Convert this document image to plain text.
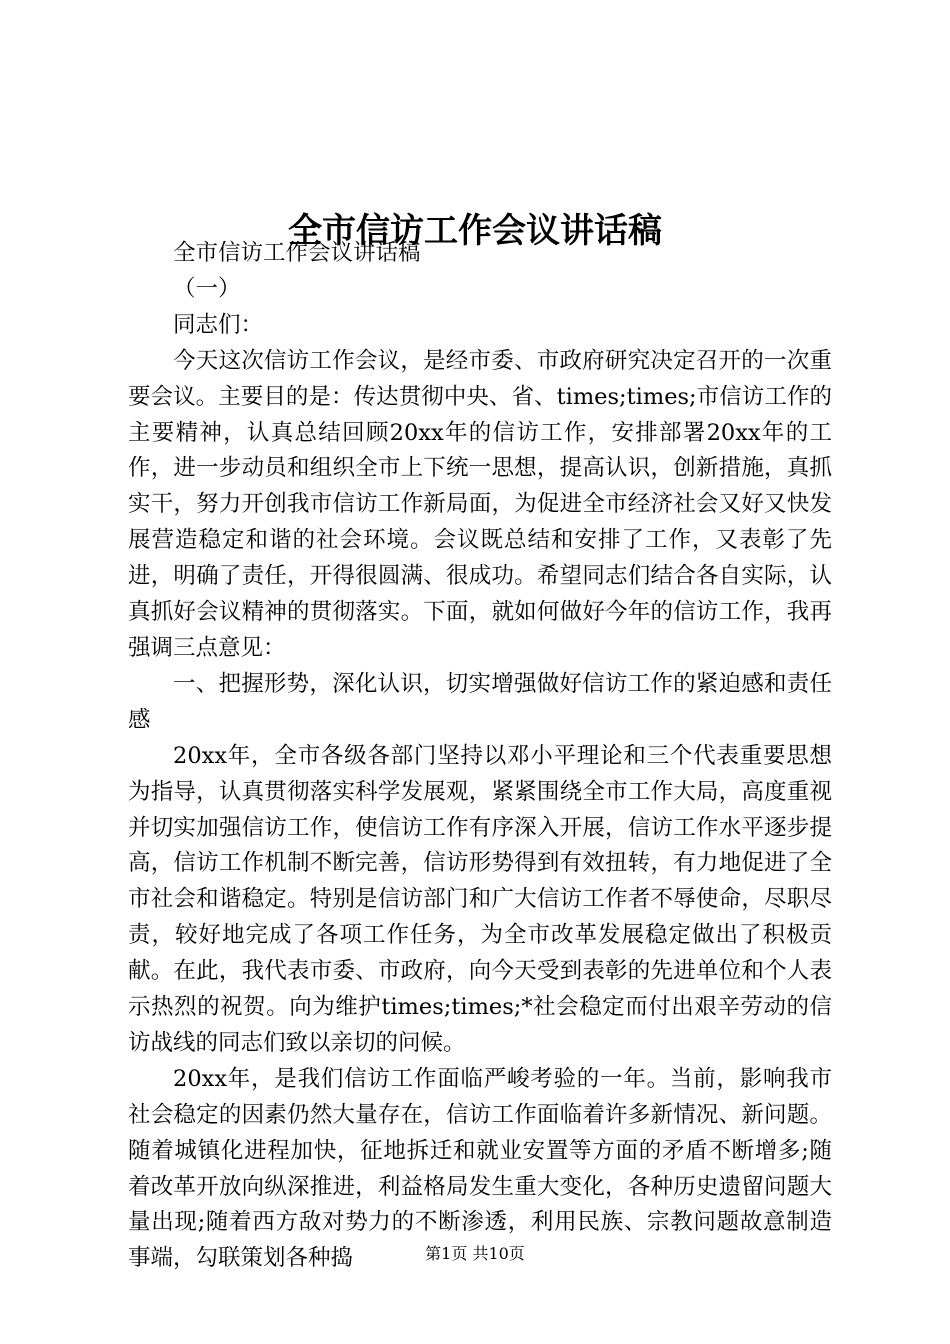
全市信访工作会议讲话稿

全市信访工作会议讲话稿

（一）

同志们：

今天这次信访工作会议，是经市委、市政府研究决定召开的一次重要会议。主要目的是：传达贯彻中央、省、times;times;市信访工作的主要精神，认真总结回顾20xx年的信访工作，安排部署20xx年的工作，进一步动员和组织全市上下统一思想，提高认识，创新措施，真抓实干，努力开创我市信访工作新局面，为促进全市经济社会又好又快发展营造稳定和谐的社会环境。会议既总结和安排了工作，又表彰了先进，明确了责任，开得很圆满、很成功。希望同志们结合各自实际，认真抓好会议精神的贯彻落实。下面，就如何做好今年的信访工作，我再强调三点意见：

一、把握形势，深化认识，切实增强做好信访工作的紧迫感和责任感

20xx年，全市各级各部门坚持以邓小平理论和三个代表重要思想为指导，认真贯彻落实科学发展观，紧紧围绕全市工作大局，高度重视并切实加强信访工作，使信访工作有序深入开展，信访工作水平逐步提高，信访工作机制不断完善，信访形势得到有效扭转，有力地促进了全市社会和谐稳定。特别是信访部门和广大信访工作者不辱使命，尽职尽责，较好地完成了各项工作任务，为全市改革发展稳定做出了积极贡献。在此，我代表市委、市政府，向今天受到表彰的先进单位和个人表示热烈的祝贺。向为维护times;times;*社会稳定而付出艰辛劳动的信访战线的同志们致以亲切的问候。

20xx年，是我们信访工作面临严峻考验的一年。当前，影响我市社会稳定的因素仍然大量存在，信访工作面临着许多新情况、新问题。随着城镇化进程加快，征地拆迁和就业安置等方面的矛盾不断增多;随着改革开放向纵深推进，利益格局发生重大变化，各种历史遗留问题大量出现;随着西方敌对势力的不断渗透，利用民族、宗教问题故意制造事端，勾联策划各种捣	第1页 共10页
